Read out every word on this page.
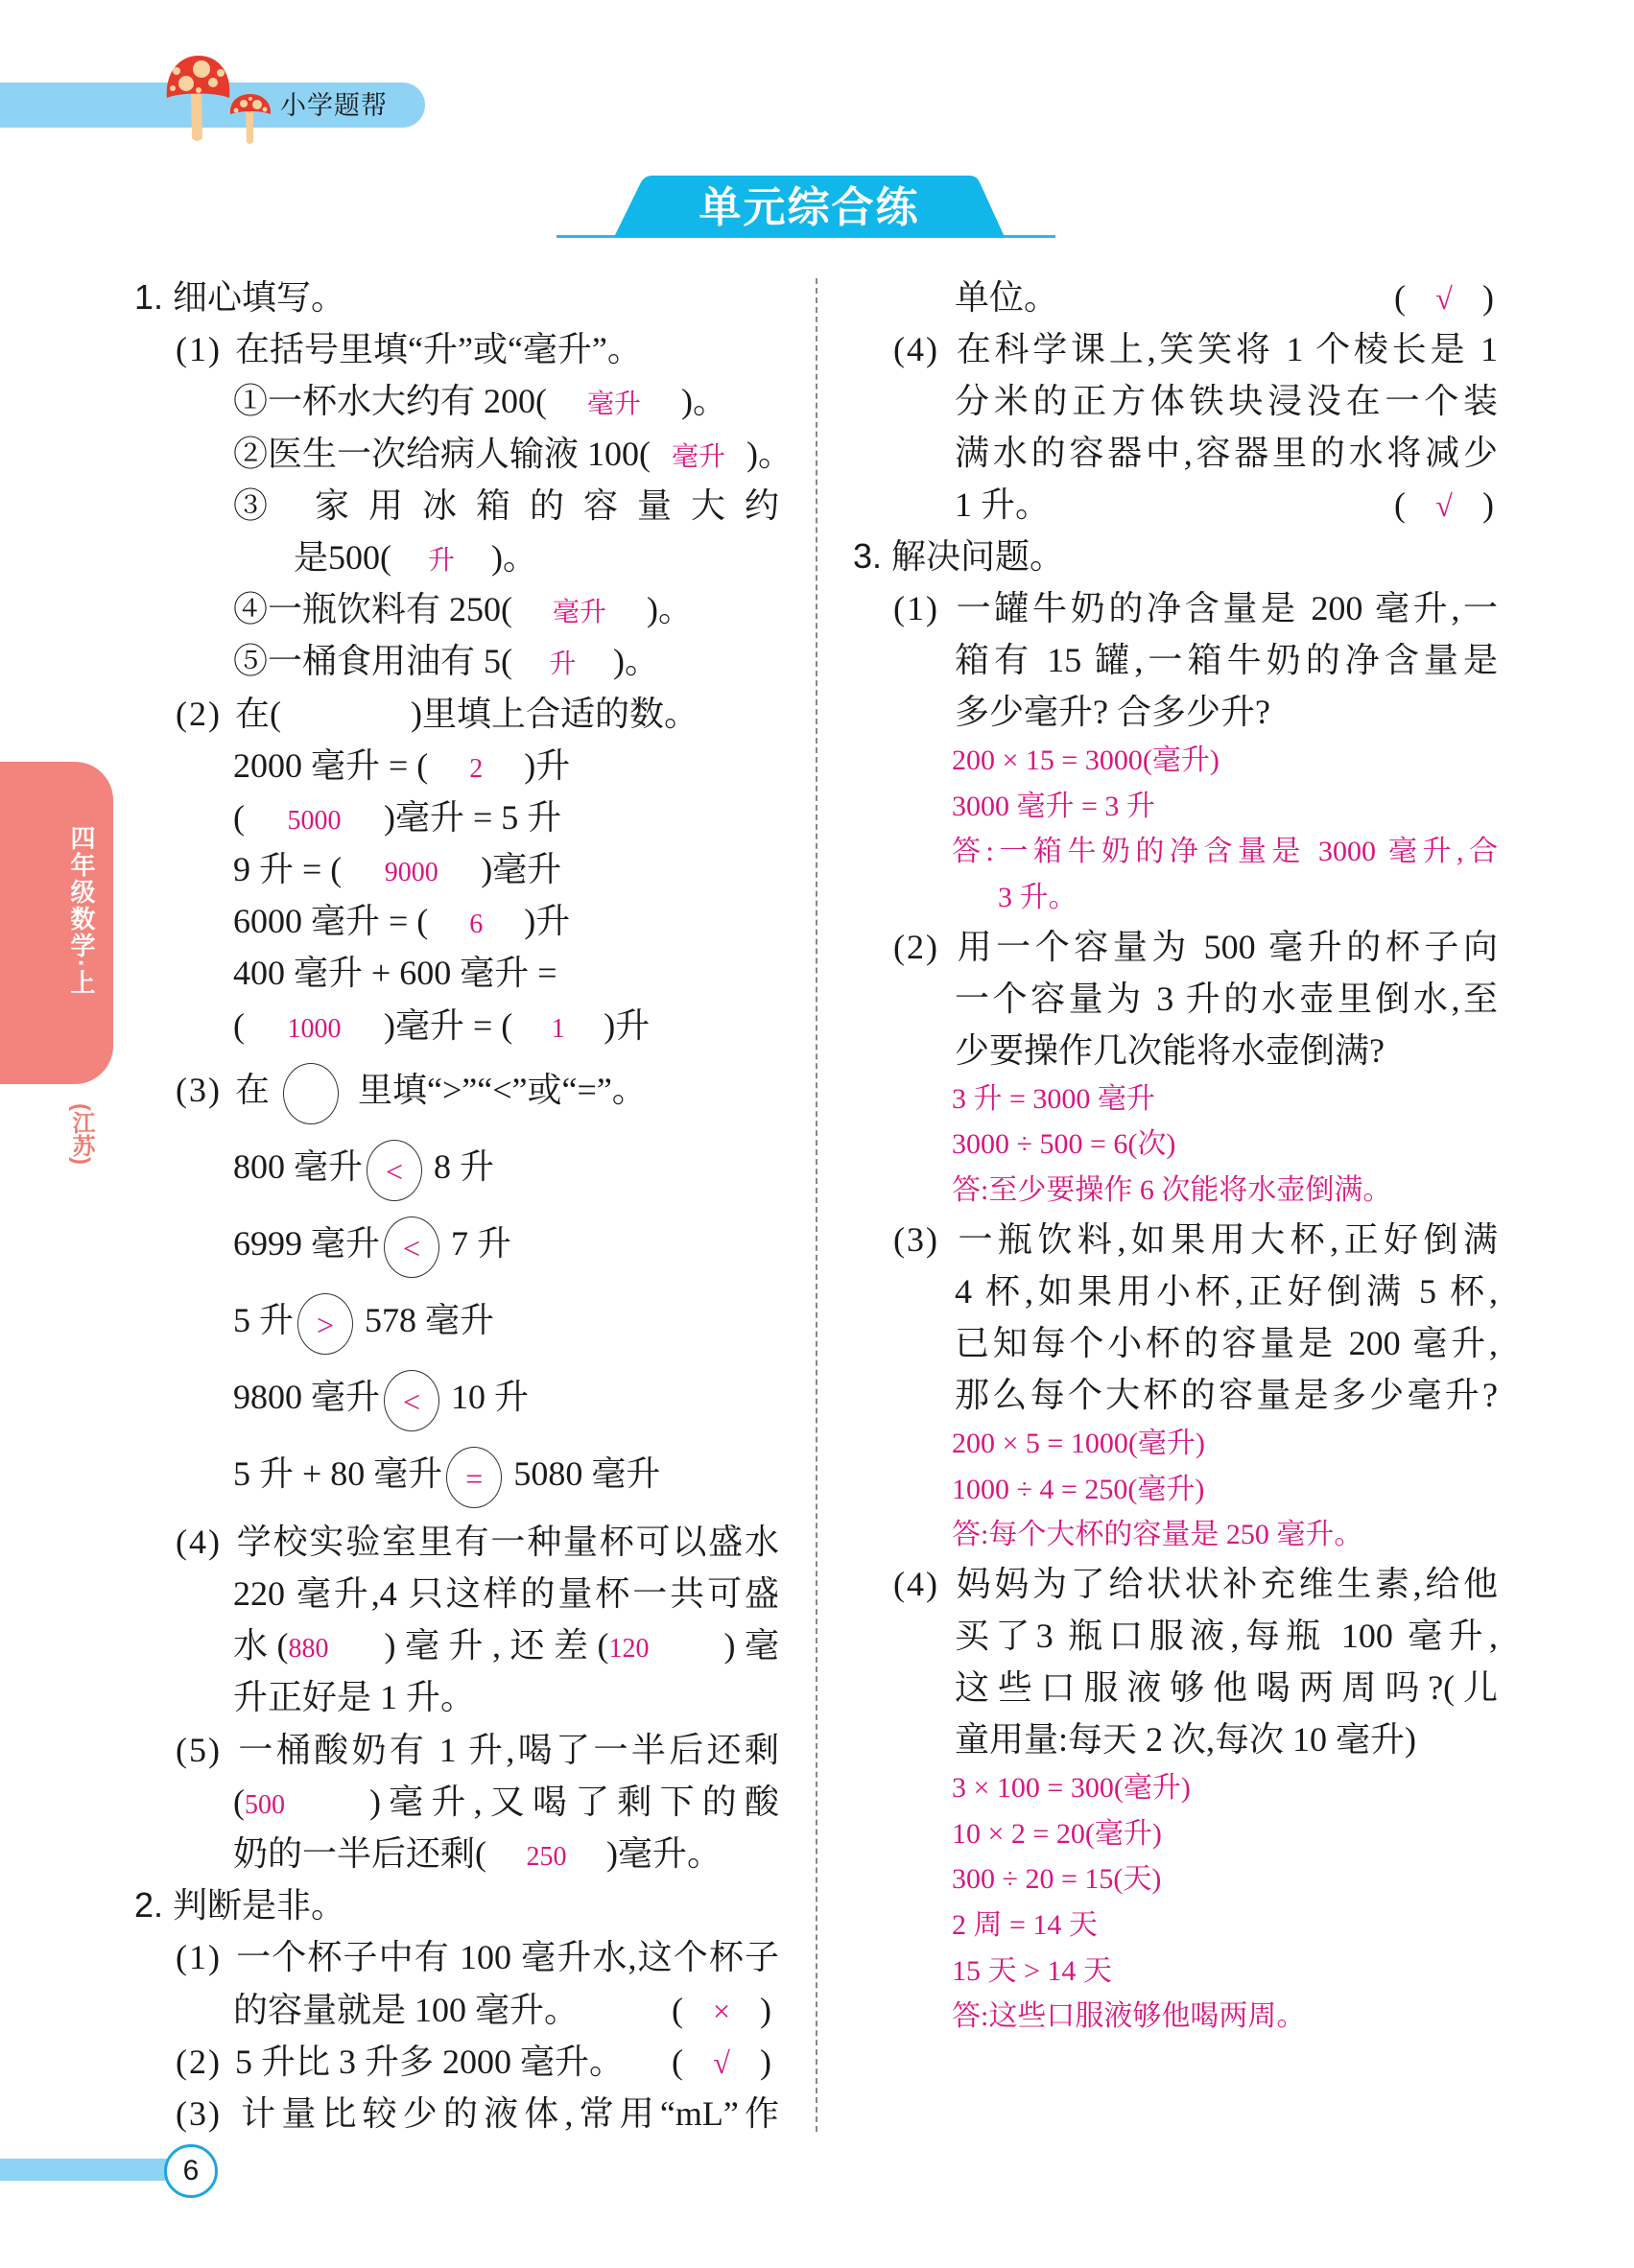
小学题帮
单元综合练
四年级数学·上
(江苏)
1. 细心填写。
(1) 在括号里填“升”或“毫升”。
①一杯水大约有 200( 毫升 )。
②医生一次给病人输液 100( 毫升 )。
③ 家用冰箱的容量大约
是500( 升 )。
④一瓶饮料有 250( 毫升 )。
⑤一桶食用油有 5( 升 )。
(2) 在(	)里填上合适的数。
2000 毫升 = ( 2 )升
( 5000 )毫升 = 5 升
9 升 = ( 9000 )毫升
6000 毫升 = ( 6 )升
400 毫升 + 600 毫升 =
( 1000 )毫升 = ( 1 )升
(3) 在	里填“>”“<”或“=”。
800 毫升 < 8 升
6999 毫升 < 7 升
5 升 > 578 毫升
9800 毫升 < 10 升
5 升 + 80 毫升 = 5080 毫升
(4) 学校实验室里有一种量杯可以盛水
220 毫升,4 只这样的量杯一共可盛
水(880 )毫升,还差(120 )毫
升正好是 1 升。
(5) 一桶酸奶有 1 升,喝了一半后还剩
(500 )毫升,又喝了剩下的酸
奶的一半后还剩( 250 )毫升。
2. 判断是非。
(1) 一个杯子中有 100 毫升水,这个杯子
的容量就是 100 毫升。	( × )
(2) 5 升比 3 升多 2000 毫升。 ( √ )
(3) 计量比较少的液体,常用“mL”作
单位。	( √ )
(4) 在科学课上,笑笑将 1 个棱长是 1
分米的正方体铁块浸没在一个装
满水的容器中,容器里的水将减少
1 升。	( √ )
3. 解决问题。
(1) 一罐牛奶的净含量是 200 毫升,一
箱有 15 罐,一箱牛奶的净含量是
多少毫升? 合多少升?
200 × 15 = 3000(毫升)
3000 毫升 = 3 升
答:一箱牛奶的净含量是 3000 毫升,合
3 升。
(2) 用一个容量为 500 毫升的杯子向
一个容量为 3 升的水壶里倒水,至
少要操作几次能将水壶倒满?
3 升 = 3000 毫升
3000 ÷ 500 = 6(次)
答:至少要操作 6 次能将水壶倒满。
(3) 一瓶饮料,如果用大杯,正好倒满
4 杯,如果用小杯,正好倒满 5 杯,
已知每个小杯的容量是 200 毫升,
那么每个大杯的容量是多少毫升?
200 × 5 = 1000(毫升)
1000 ÷ 4 = 250(毫升)
答:每个大杯的容量是 250 毫升。
(4) 妈妈为了给状状补充维生素,给他
买了3 瓶口服液,每瓶 100 毫升,
这些口服液够他喝两周吗?(儿
童用量:每天 2 次,每次 10 毫升)
3 × 100 = 300(毫升)
10 × 2 = 20(毫升)
300 ÷ 20 = 15(天)
2 周 = 14 天
15 天 > 14 天
答:这些口服液够他喝两周。
6
